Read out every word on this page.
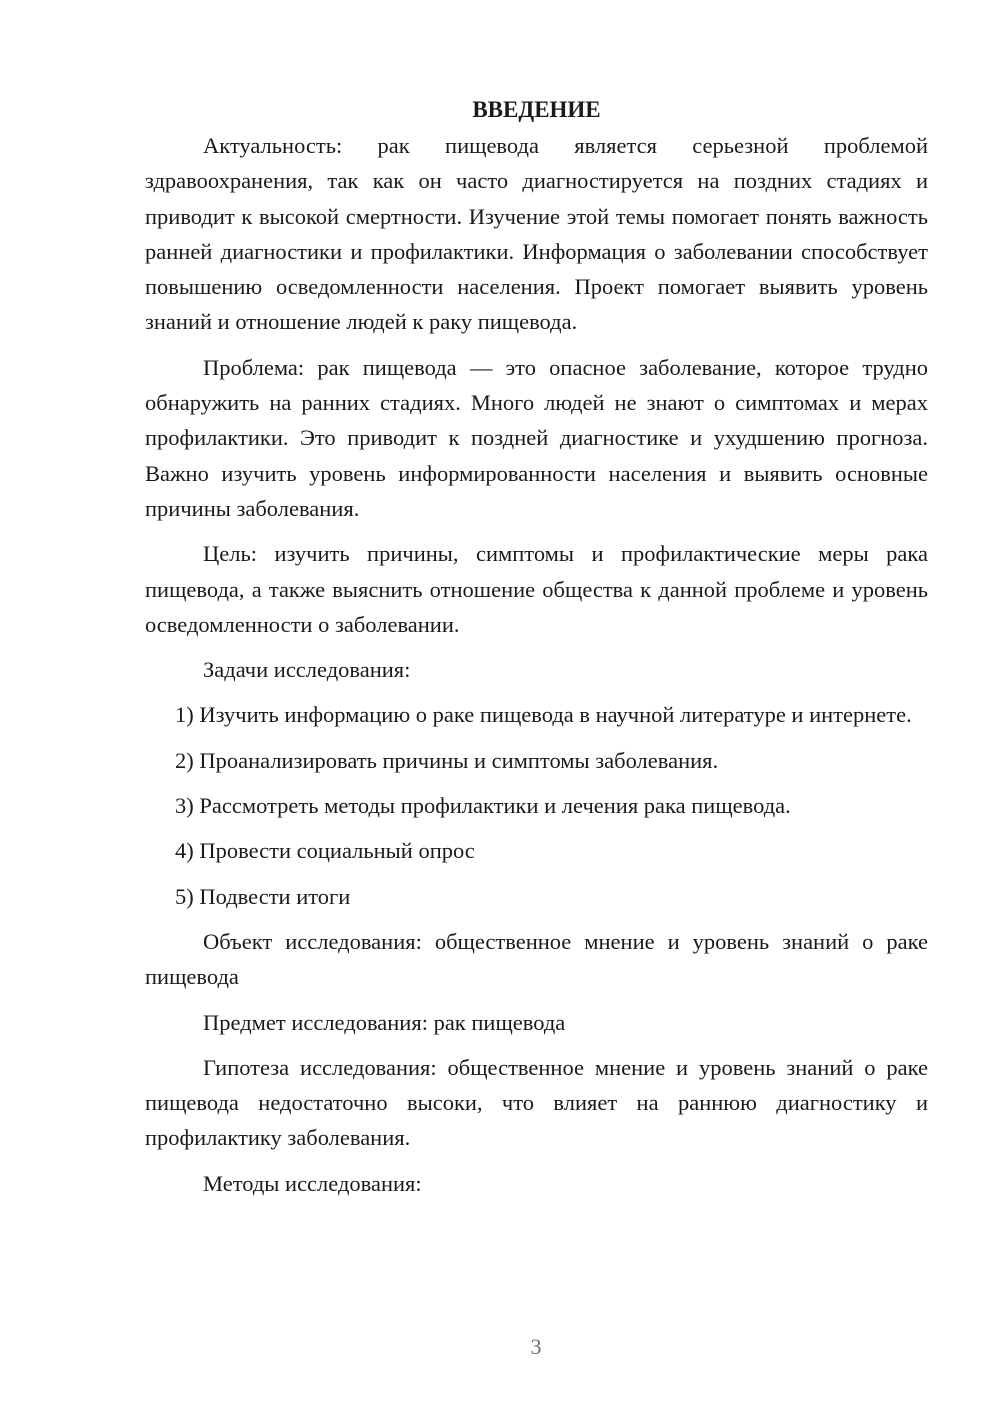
ВВЕДЕНИЕ

Актуальность: рак пищевода является серьезной проблемой здравоохранения, так как он часто диагностируется на поздних стадиях и приводит к высокой смертности. Изучение этой темы помогает понять важность ранней диагностики и профилактики. Информация о заболевании способствует повышению осведомленности населения. Проект помогает выявить уровень знаний и отношение людей к раку пищевода.

Проблема: рак пищевода — это опасное заболевание, которое трудно обнаружить на ранних стадиях. Много людей не знают о симптомах и мерах профилактики. Это приводит к поздней диагностике и ухудшению прогноза. Важно изучить уровень информированности населения и выявить основные причины заболевания.

Цель: изучить причины, симптомы и профилактические меры рака пищевода, а также выяснить отношение общества к данной проблеме и уровень осведомленности о заболевании.

Задачи исследования:

1) Изучить информацию о раке пищевода в научной литературе и интернете.

2) Проанализировать причины и симптомы заболевания.

3) Рассмотреть методы профилактики и лечения рака пищевода.

4) Провести социальный опрос

5) Подвести итоги

Объект исследования: общественное мнение и уровень знаний о раке пищевода

Предмет исследования: рак пищевода

Гипотеза исследования: общественное мнение и уровень знаний о раке пищевода недостаточно высоки, что влияет на раннюю диагностику и профилактику заболевания.

Методы исследования:

3
